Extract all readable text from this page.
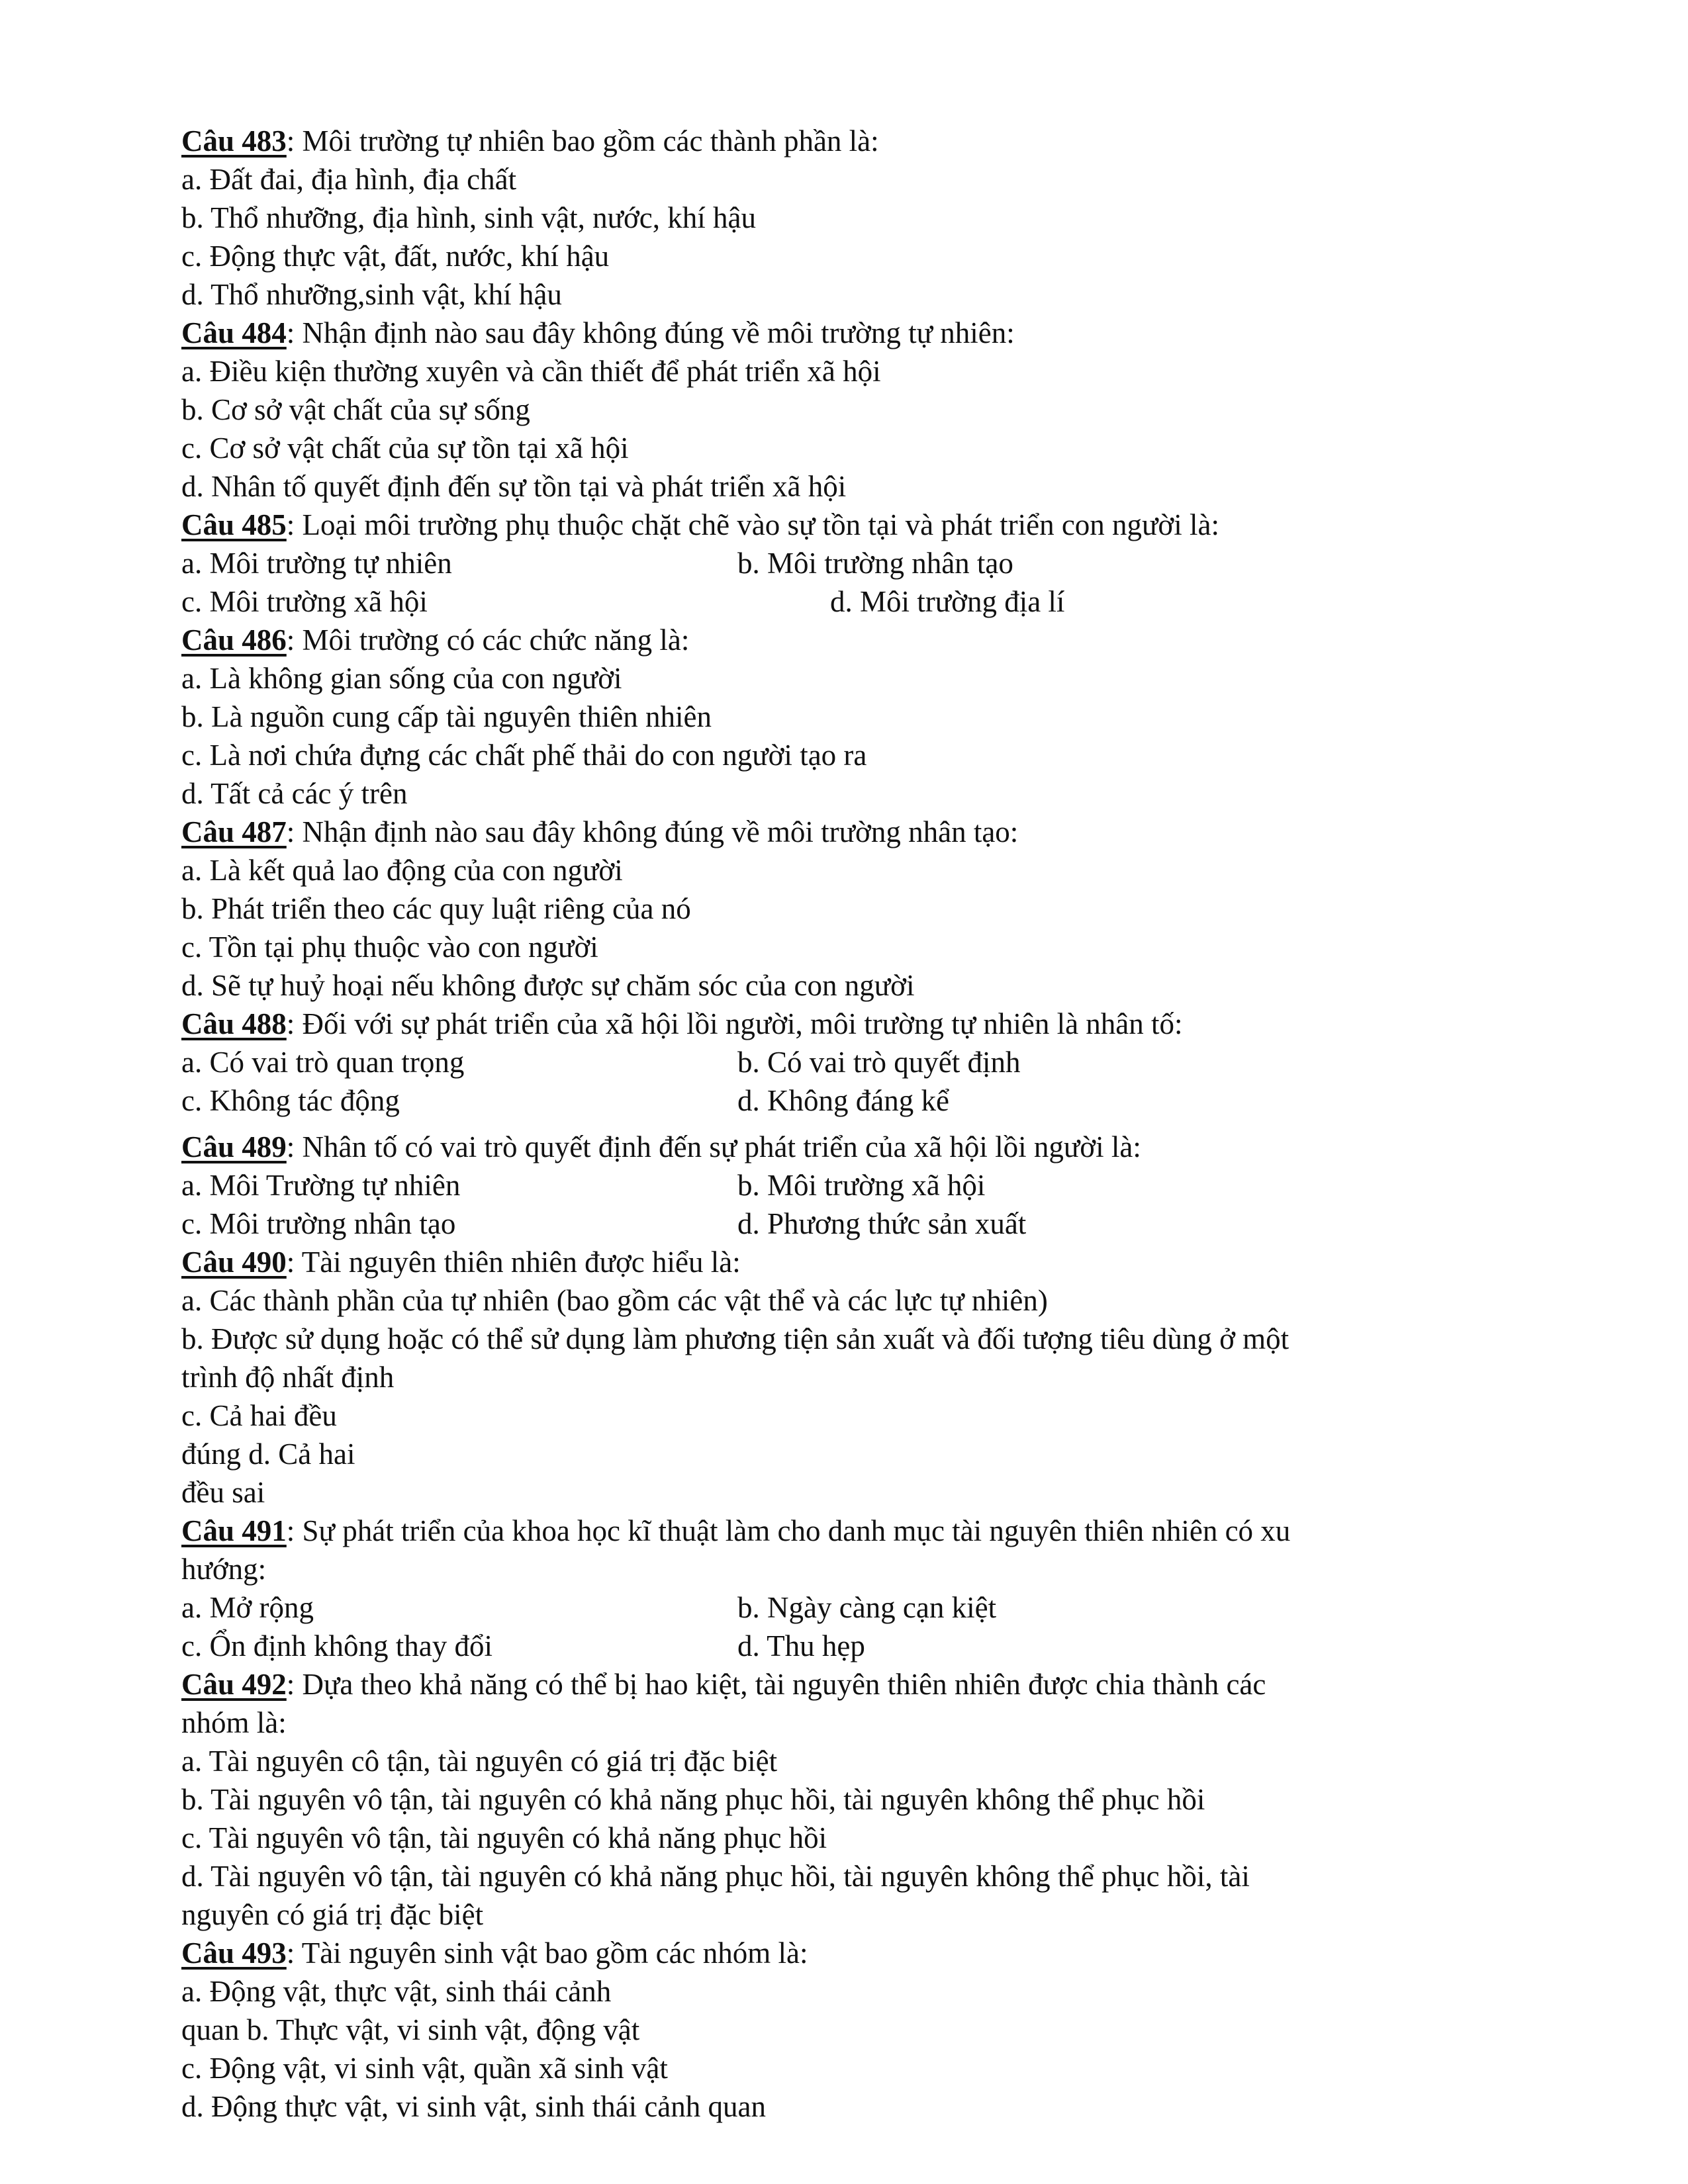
Câu 483: Môi trường tự nhiên bao gồm các thành phần là:
a. Đất đai, địa hình, địa chất
b. Thổ nhưỡng, địa hình, sinh vật, nước, khí hậu
c. Động thực vật, đất, nước, khí hậu
d. Thổ nhưỡng,sinh vật, khí hậu
Câu 484: Nhận định nào sau đây không đúng về môi trường tự nhiên:
a. Điều kiện thường xuyên và cần thiết để phát triển xã hội
b. Cơ sở vật chất của sự sống
c. Cơ sở vật chất của sự tồn tại xã hội
d. Nhân tố quyết định đến sự tồn tại và phát triển xã hội
Câu 485: Loại môi trường phụ thuộc chặt chẽ vào sự tồn tại và phát triển con người là:
a. Môi trường tự nhiên	b. Môi trường nhân tạo
c. Môi trường xã hội	d. Môi trường địa lí
Câu 486: Môi trường có các chức năng là:
a. Là không gian sống của con người
b. Là nguồn cung cấp tài nguyên thiên nhiên
c. Là nơi chứa đựng các chất phế thải do con người tạo ra
d. Tất cả các ý trên
Câu 487: Nhận định nào sau đây không đúng về môi trường nhân tạo:
a. Là kết quả lao động của con người
b. Phát triển theo các quy luật riêng của nó
c. Tồn tại phụ thuộc vào con người
d. Sẽ tự huỷ hoại nếu không được sự chăm sóc của con người
Câu 488: Đối với sự phát triển của xã hội lồi người, môi trường tự nhiên là nhân tố:
a. Có vai trò quan trọng	b. Có vai trò quyết định
c. Không tác động	d. Không đáng kể
Câu 489: Nhân tố có vai trò quyết định đến sự phát triển của xã hội lồi người là:
a. Môi Trường tự nhiên	b. Môi trường xã hội
c. Môi trường nhân tạo	d. Phương thức sản xuất
Câu 490: Tài nguyên thiên nhiên được hiểu là:
a. Các thành phần của tự nhiên (bao gồm các vật thể và các lực tự nhiên)
b. Được sử dụng hoặc có thể sử dụng làm phương tiện sản xuất và đối tượng tiêu dùng ở một
trình độ nhất định
c. Cả hai đều
đúng d. Cả hai
đều sai
Câu 491: Sự phát triển của khoa học kĩ thuật làm cho danh mục tài nguyên thiên nhiên có xu
hướng:
a. Mở rộng	b. Ngày càng cạn kiệt
c. Ổn định không thay đổi	d. Thu hẹp
Câu 492: Dựa theo khả năng có thể bị hao kiệt, tài nguyên thiên nhiên được chia thành các
nhóm là:
a. Tài nguyên cô tận, tài nguyên có giá trị đặc biệt
b. Tài nguyên vô tận, tài nguyên có khả năng phục hồi, tài nguyên không thể phục hồi
c. Tài nguyên vô tận, tài nguyên có khả năng phục hồi
d. Tài nguyên vô tận, tài nguyên có khả năng phục hồi, tài nguyên không thể phục hồi, tài
nguyên có giá trị đặc biệt
Câu 493: Tài nguyên sinh vật bao gồm các nhóm là:
a. Động vật, thực vật, sinh thái cảnh
quan b. Thực vật, vi sinh vật, động vật
c. Động vật, vi sinh vật, quần xã sinh vật
d. Động thực vật, vi sinh vật, sinh thái cảnh quan
